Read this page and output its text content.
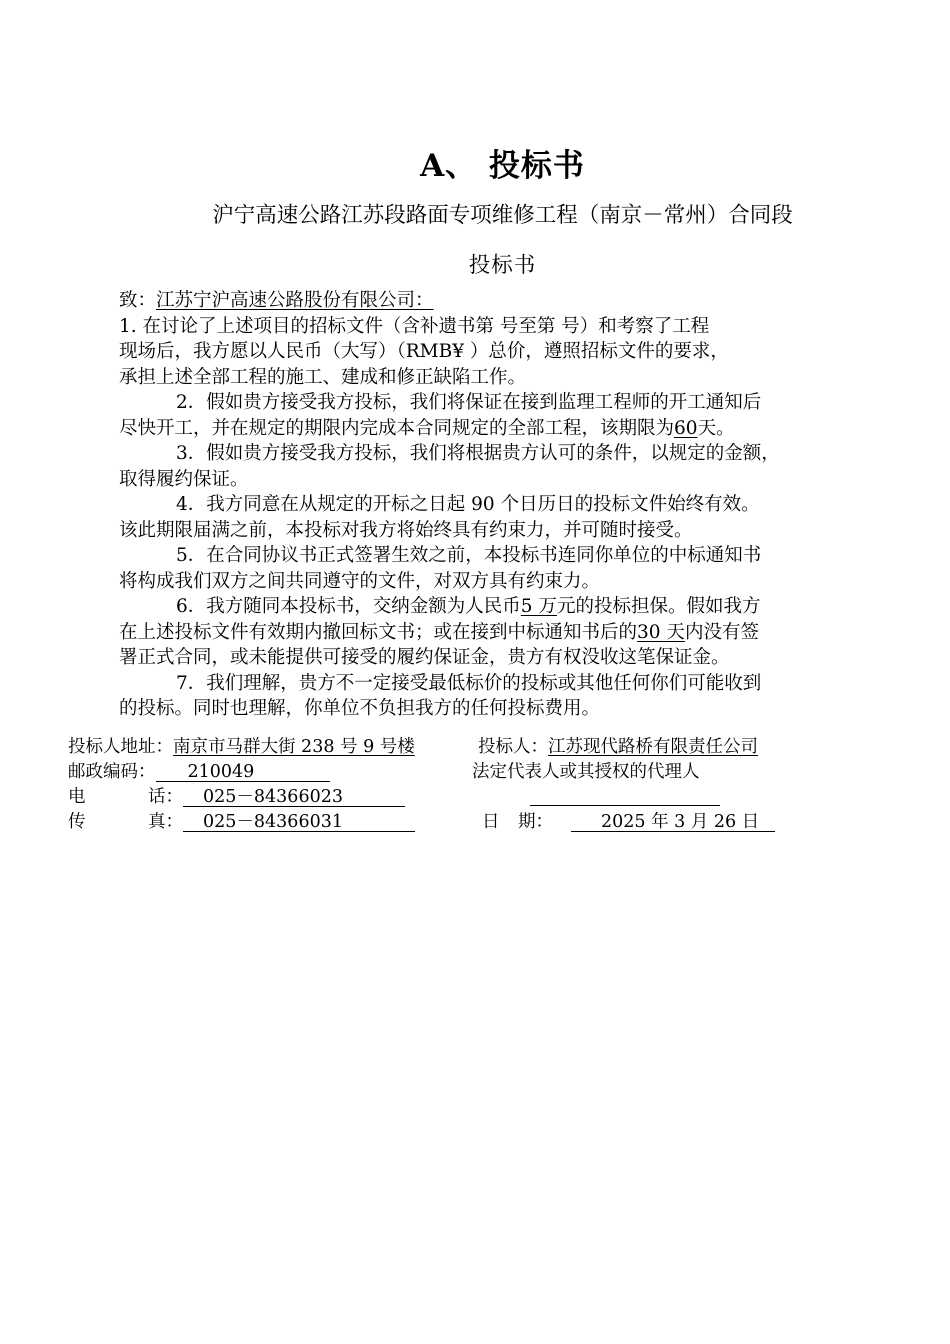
A、 投标书
沪宁高速公路江苏段路面专项维修工程（南京－常州）合同段
投标书
致：江苏宁沪高速公路股份有限公司：
1. 在讨论了上述项目的招标文件（含补遗书第 号至第 号）和考察了工程
现场后，我方愿以人民币（大写）（RMB¥ ）总价，遵照招标文件的要求，
承担上述全部工程的施工、建成和修正缺陷工作。
2．假如贵方接受我方投标，我们将保证在接到监理工程师的开工通知后
尽快开工，并在规定的期限内完成本合同规定的全部工程，该期限为60天。
3．假如贵方接受我方投标，我们将根据贵方认可的条件，以规定的金额，
取得履约保证。
4．我方同意在从规定的开标之日起 90 个日历日的投标文件始终有效。
该此期限届满之前，本投标对我方将始终具有约束力，并可随时接受。
5．在合同协议书正式签署生效之前，本投标书连同你单位的中标通知书
将构成我们双方之间共同遵守的文件，对双方具有约束力。
6．我方随同本投标书，交纳金额为人民币5 万元的投标担保。假如我方
在上述投标文件有效期内撤回标文书；或在接到中标通知书后的30 天内没有签
署正式合同，或未能提供可接受的履约保证金，贵方有权没收这笔保证金。
7．我们理解，贵方不一定接受最低标价的投标或其他任何你们可能收到
的投标。同时也理解，你单位不负担我方的任何投标费用。
投标人地址：南京市马群大街 238 号 9 号楼	投标人：江苏现代路桥有限责任公司
邮政编码： 210049	法定代表人或其授权的代理人
电	话： 025－84366023
传	真： 025－84366031	日 期：	2025 年 3 月 26 日
